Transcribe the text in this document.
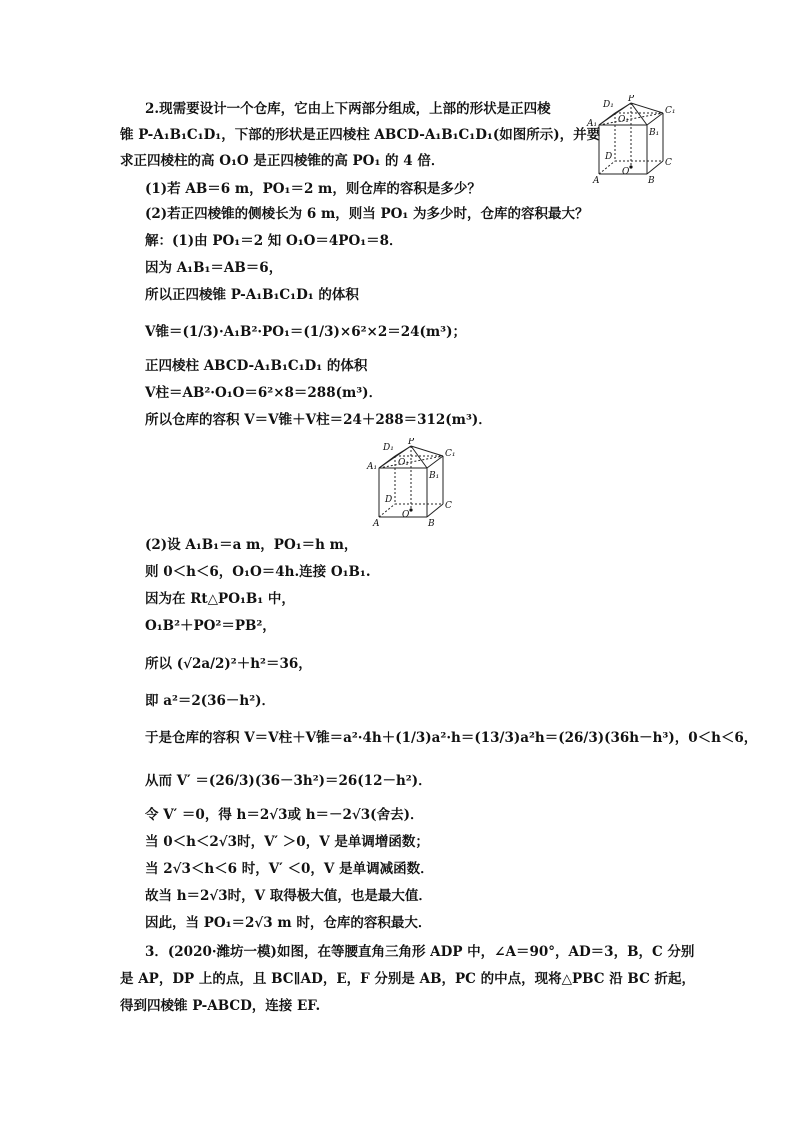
2.现需要设计一个仓库，它由上下两部分组成，上部的形状是正四棱
锥 P-A₁B₁C₁D₁，下部的形状是正四棱柱 ABCD-A₁B₁C₁D₁(如图所示)，并要
求正四棱柱的高 O₁O 是正四棱锥的高 PO₁ 的 4 倍．
(1)若 AB＝6 m，PO₁＝2 m，则仓库的容积是多少？
(2)若正四棱锥的侧棱长为 6 m，则当 PO₁ 为多少时，仓库的容积最大？
D₁
P
C₁
A₁ O₁
B₁
D
C
A
O
B
解：(1)由 PO₁＝2 知 O₁O＝4PO₁＝8．
因为 A₁B₁＝AB＝6，
所以正四棱锥 P-A₁B₁C₁D₁ 的体积
V锥＝(1/3)·A₁B²·PO₁＝(1/3)×6²×2＝24(m³)；
正四棱柱 ABCD-A₁B₁C₁D₁ 的体积
V柱＝AB²·O₁O＝6²×8＝288(m³)．
所以仓库的容积 V＝V锥＋V柱＝24＋288＝312(m³)．
D₁
P
C₁
A₁ O₁
B₁
D
C
A
O
B
(2)设 A₁B₁＝a m，PO₁＝h m，
则 0＜h＜6，O₁O＝4h.连接 O₁B₁.
因为在 Rt△PO₁B₁ 中，
O₁B²＋PO²＝PB²，
所以 (√2a/2)²＋h²＝36，
即 a²＝2(36－h²)．
于是仓库的容积 V＝V柱＋V锥＝a²·4h＋(1/3)a²·h＝(13/3)a²h＝(26/3)(36h－h³)，0＜h＜6，
从而 V′ ＝(26/3)(36－3h²)＝26(12－h²)．
令 V′ ＝0，得 h＝2√3或 h＝－2√3(舍去)．
当 0＜h＜2√3时，V′ ＞0，V 是单调增函数；
当 2√3＜h＜6 时，V′ ＜0，V 是单调减函数．
故当 h＝2√3时，V 取得极大值，也是最大值．
因此，当 PO₁＝2√3 m 时，仓库的容积最大．
3．(2020·潍坊一模)如图，在等腰直角三角形 ADP 中，∠A＝90°，AD＝3，B，C 分别
是 AP，DP 上的点，且 BC∥AD，E，F 分别是 AB，PC 的中点，现将△PBC 沿 BC 折起，
得到四棱锥 P-ABCD，连接 EF.
